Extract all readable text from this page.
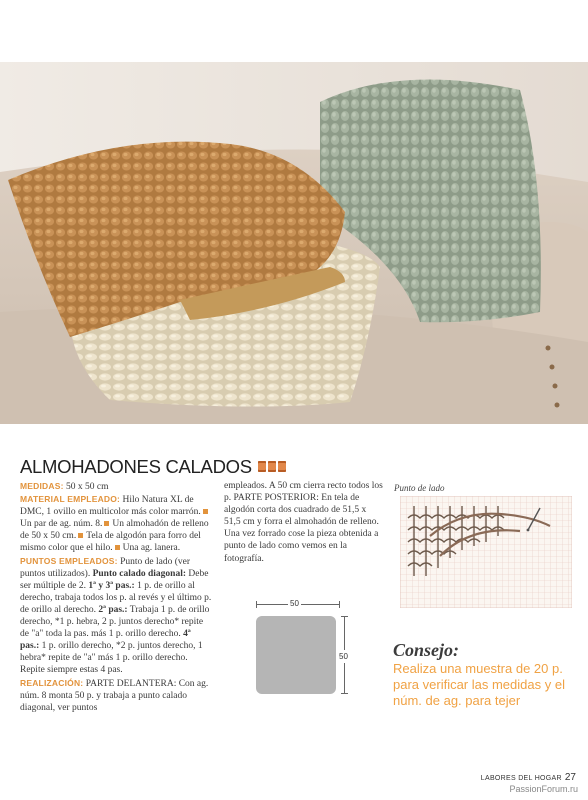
ALMOHADONES CALADOS
MEDIDAS: 50 x 50 cm
MATERIAL EMPLEADO: Hilo Natura XL de DMC, 1 ovillo en multicolor más color marrón.Un par de ag. núm. 8. Un almohadón de relleno de 50 x 50 cm. Tela de algodón para forro del mismo color que el hilo. Una ag. lanera.
PUNTOS EMPLEADOS: Punto de lado (ver puntos utilizados). Punto calado diagonal: Debe ser múltiple de 2. 1ª y 3ª pas.: 1 p. de orillo al derecho, trabaja todos los p. al revés y el último p. de orillo al derecho. 2ª pas.: Trabaja 1 p. de orillo derecho, *1 p. hebra, 2 p. juntos derecho* repite de "a" toda la pas. más 1 p. orillo derecho. 4ª pas.: 1 p. orillo derecho, *2 p. juntos derecho, 1 hebra* repite de "a" más 1 p. orillo derecho. Repite siempre estas 4 pas.
REALIZACIÓN: PARTE DELANTERA: Con ag. núm. 8 monta 50 p. y trabaja a punto calado diagonal, ver puntos
empleados. A 50 cm cierra recto todos los p. PARTE POSTERIOR: En tela de algodón corta dos cuadrado de 51,5 x 51,5 cm y forra el almohadón de relleno. Una vez forrado cose la pieza obtenida a punto de lado como vemos en la fotografía.
50
50
Punto de lado
Consejo:
Realiza una muestra de 20 p. para verificar las medidas y el núm. de ag. para tejer
LABORES DEL HOGAR 27
PassionForum.ru
